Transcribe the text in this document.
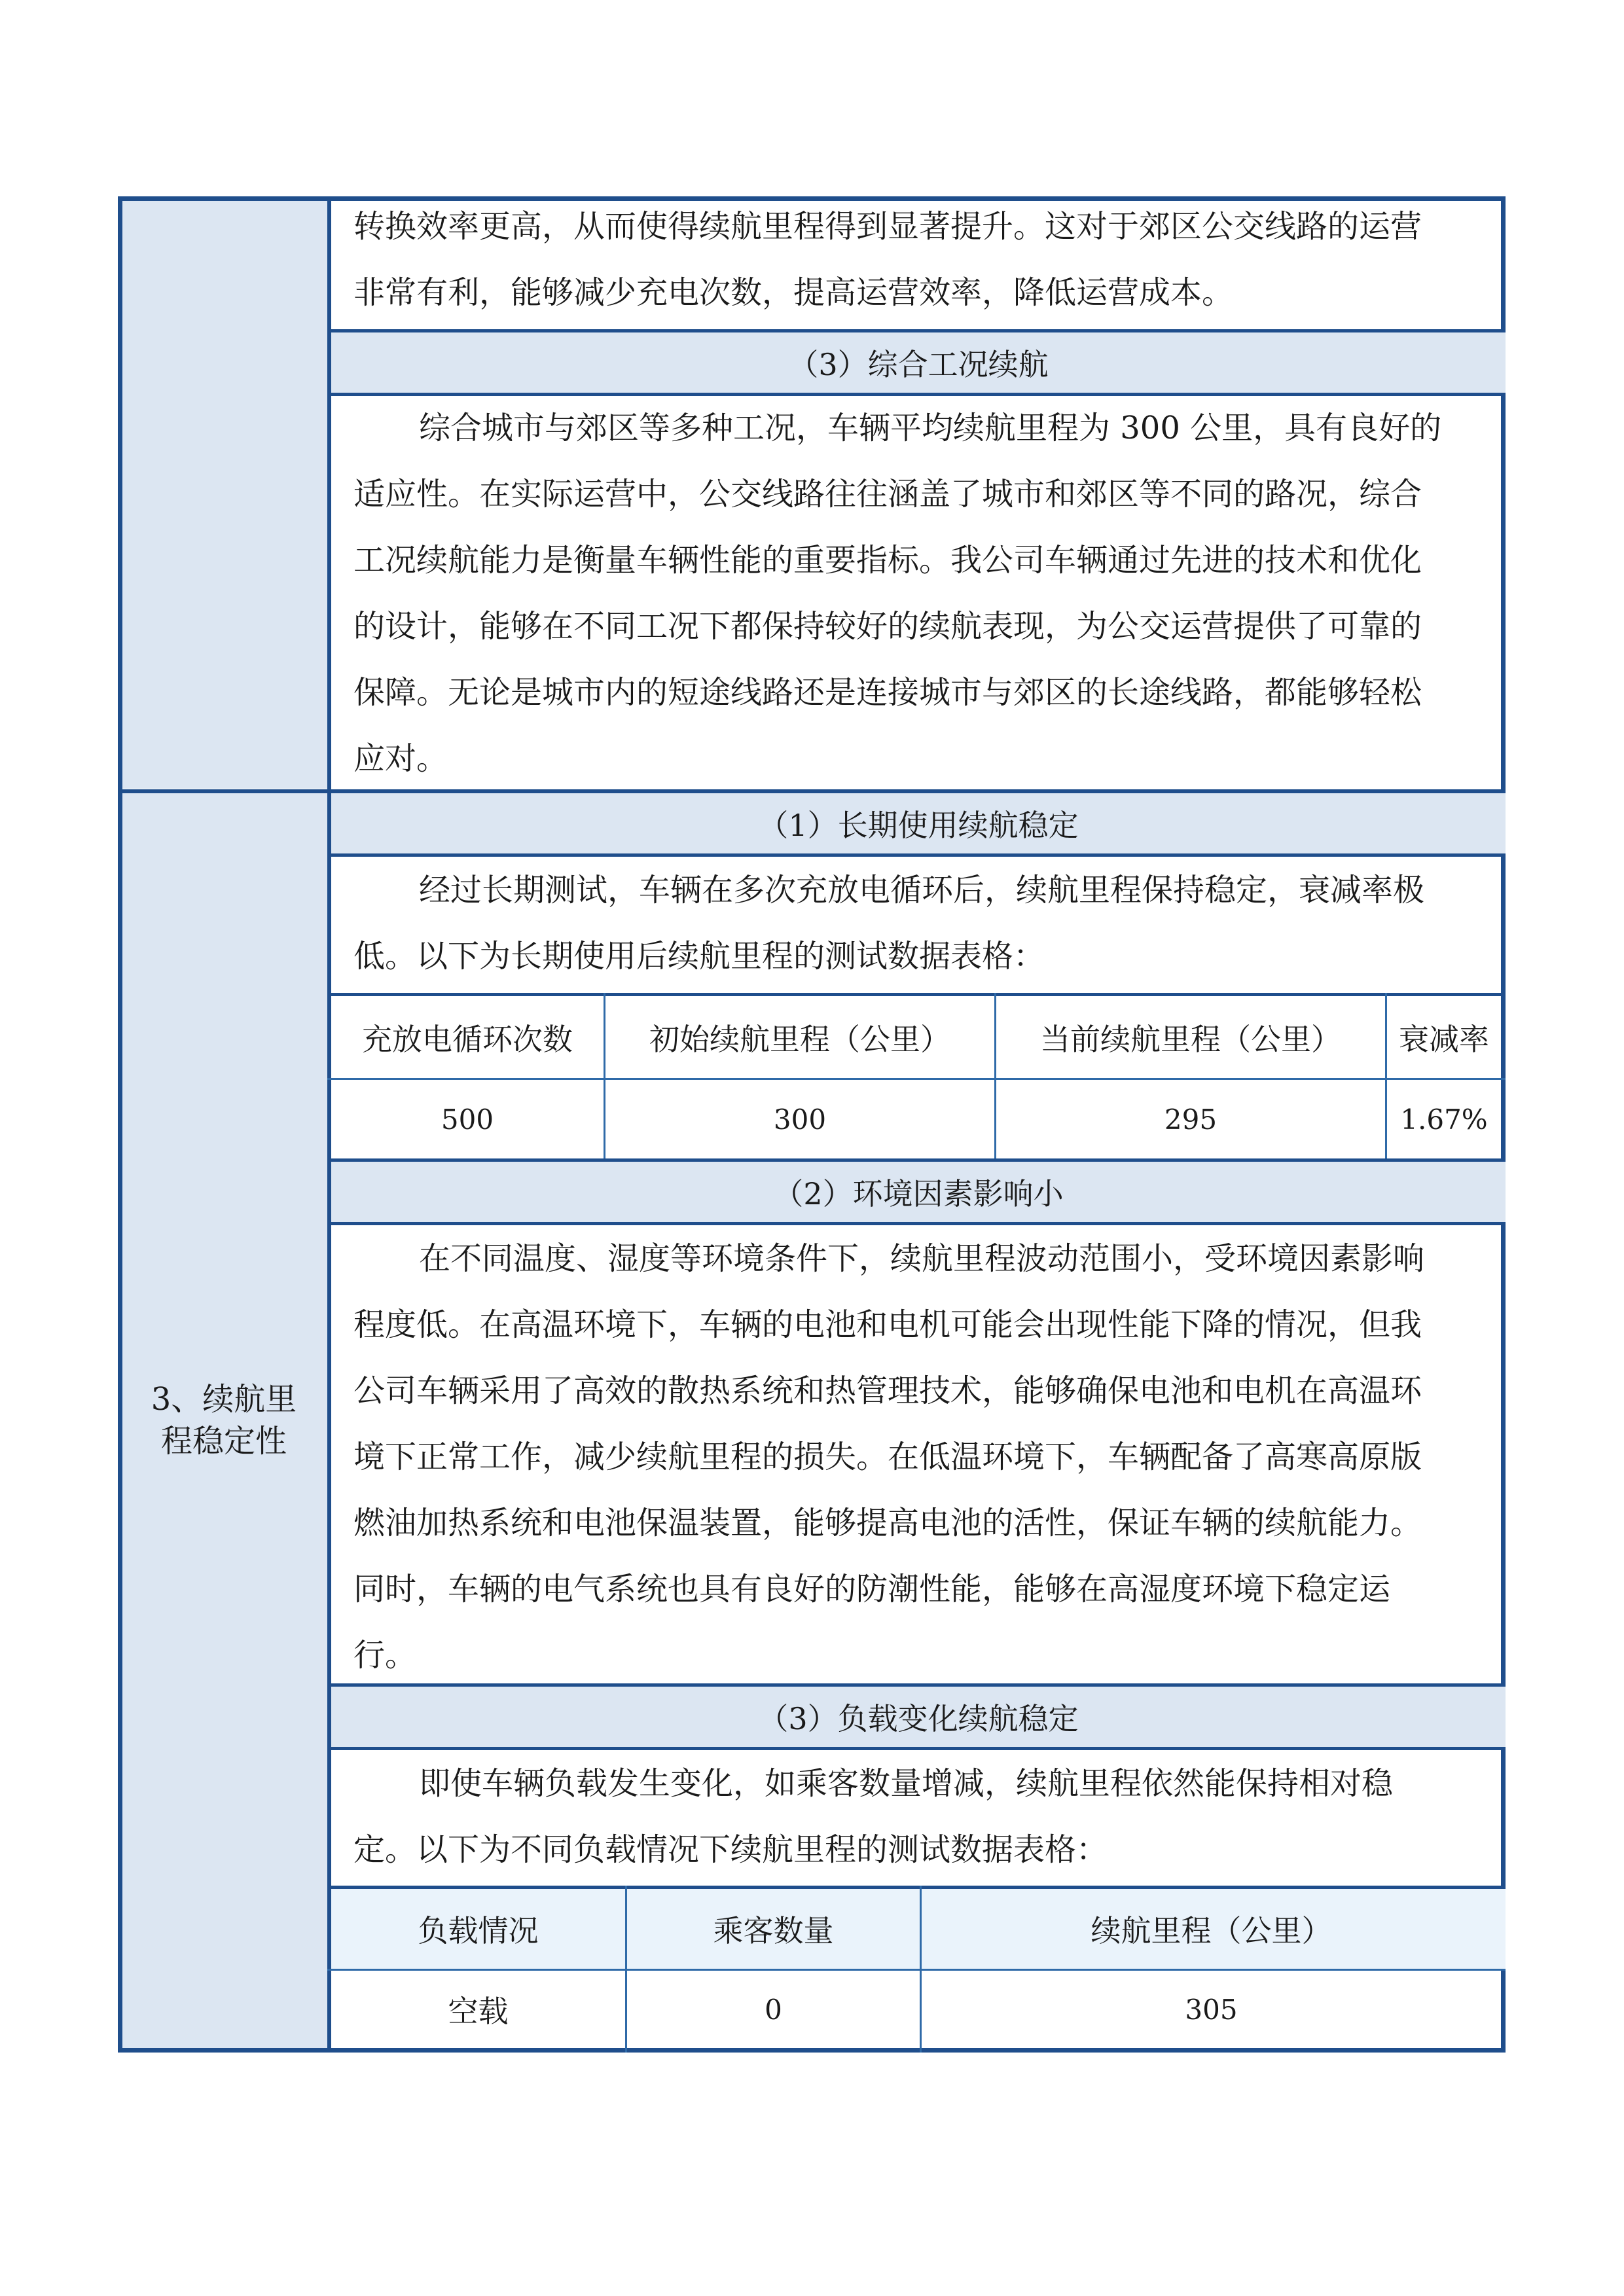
（3）综合工况续航
（1）长期使用续航稳定
（2）环境因素影响小
（3）负载变化续航稳定
转换效率更高，从而使得续航里程得到显著提升。这对于郊区公交线路的运营
非常有利，能够减少充电次数，提高运营效率，降低运营成本。
综合城市与郊区等多种工况，车辆平均续航里程为 300 公里，具有良好的
适应性。在实际运营中，公交线路往往涵盖了城市和郊区等不同的路况，综合
工况续航能力是衡量车辆性能的重要指标。我公司车辆通过先进的技术和优化
的设计，能够在不同工况下都保持较好的续航表现，为公交运营提供了可靠的
保障。无论是城市内的短途线路还是连接城市与郊区的长途线路，都能够轻松
应对。
3、续航里
程稳定性
经过长期测试，车辆在多次充放电循环后，续航里程保持稳定，衰减率极
低。以下为长期使用后续航里程的测试数据表格：
充放电循环次数	初始续航里程（公里）	当前续航里程（公里）	衰减率
500	300	295	1.67%
在不同温度、湿度等环境条件下，续航里程波动范围小，受环境因素影响
程度低。在高温环境下，车辆的电池和电机可能会出现性能下降的情况，但我
公司车辆采用了高效的散热系统和热管理技术，能够确保电池和电机在高温环
境下正常工作，减少续航里程的损失。在低温环境下，车辆配备了高寒高原版
燃油加热系统和电池保温装置，能够提高电池的活性，保证车辆的续航能力。
同时，车辆的电气系统也具有良好的防潮性能，能够在高湿度环境下稳定运
行。
即使车辆负载发生变化，如乘客数量增减，续航里程依然能保持相对稳
定。以下为不同负载情况下续航里程的测试数据表格：
负载情况	乘客数量	续航里程（公里）
空载	0	305
